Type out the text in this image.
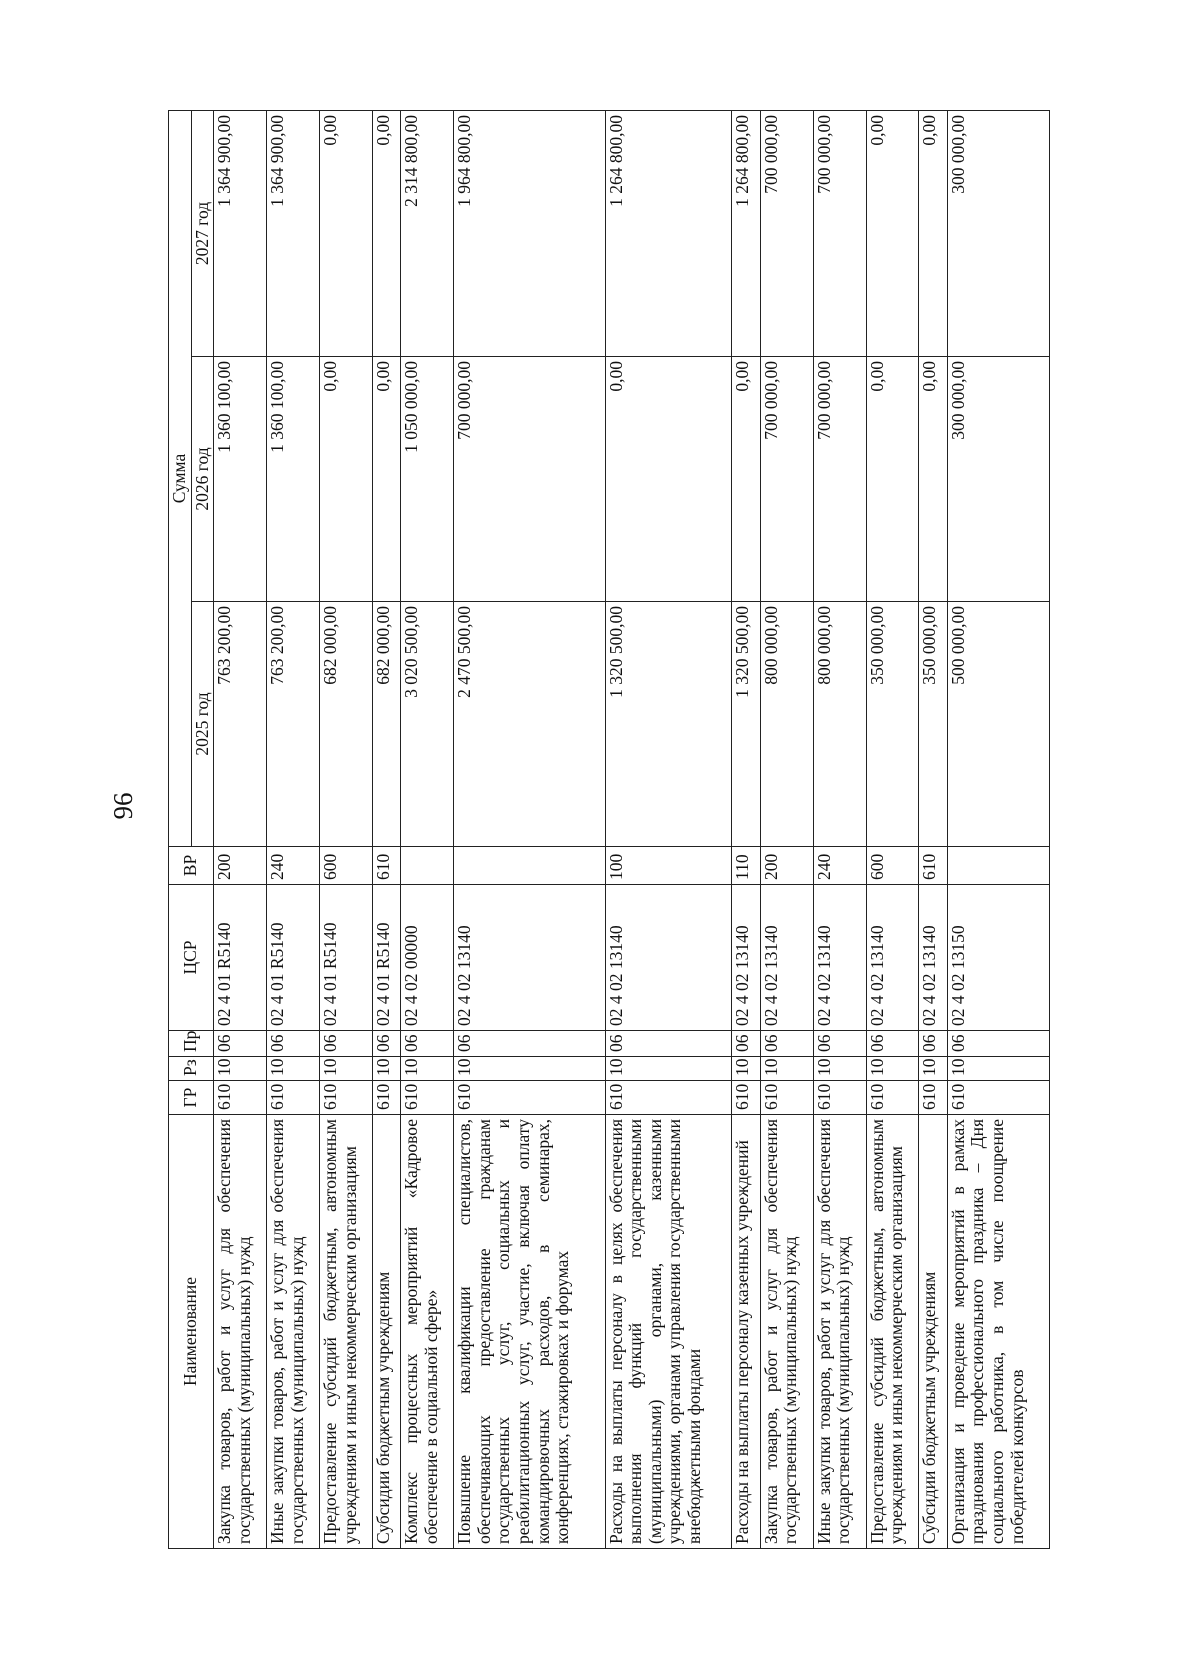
96
Наименование	ГР	Рз	Пр	ЦСР	ВР	Сумма		
						2025 год	2026 год	2027 год
Закупка товаров, работ и услуг для обеспечения государственных (муниципальных) нужд	610	10	06	02 4 01 R5140	200	763 200,00	1 360 100,00	1 364 900,00
Иные закупки товаров, работ и услуг для обеспечения государственных (муниципальных) нужд	610	10	06	02 4 01 R5140	240	763 200,00	1 360 100,00	1 364 900,00
Предоставление субсидий бюджетным, автономным учреждениям и иным некоммерческим организациям	610	10	06	02 4 01 R5140	600	682 000,00	0,00	0,00
Субсидии бюджетным учреждениям	610	10	06	02 4 01 R5140	610	682 000,00	0,00	0,00
Комплекс процессных мероприятий «Кадровое обеспечение в социальной сфере»	610	10	06	02 4 02 00000		3 020 500,00	1 050 000,00	2 314 800,00
Повышение квалификации специалистов, обеспечивающих предоставление гражданам государственных услуг, социальных и реабилитационных услуг, участие, включая оплату командировочных расходов, в семинарах, конференциях, стажировках и форумах	610	10	06	02 4 02 13140		2 470 500,00	700 000,00	1 964 800,00
Расходы на выплаты персоналу в целях обеспечения выполнения функций государственными (муниципальными) органами, казенными учреждениями, органами управления государственными внебюджетными фондами	610	10	06	02 4 02 13140	100	1 320 500,00	0,00	1 264 800,00
Расходы на выплаты персоналу казенных учреждений	610	10	06	02 4 02 13140	110	1 320 500,00	0,00	1 264 800,00
Закупка товаров, работ и услуг для обеспечения государственных (муниципальных) нужд	610	10	06	02 4 02 13140	200	800 000,00	700 000,00	700 000,00
Иные закупки товаров, работ и услуг для обеспечения государственных (муниципальных) нужд	610	10	06	02 4 02 13140	240	800 000,00	700 000,00	700 000,00
Предоставление субсидий бюджетным, автономным учреждениям и иным некоммерческим организациям	610	10	06	02 4 02 13140	600	350 000,00	0,00	0,00
Субсидии бюджетным учреждениям	610	10	06	02 4 02 13140	610	350 000,00	0,00	0,00
Организация и проведение мероприятий в рамках празднования профессионального праздника – Дня социального работника, в том числе поощрение победителей конкурсов	610	10	06	02 4 02 13150		500 000,00	300 000,00	300 000,00
